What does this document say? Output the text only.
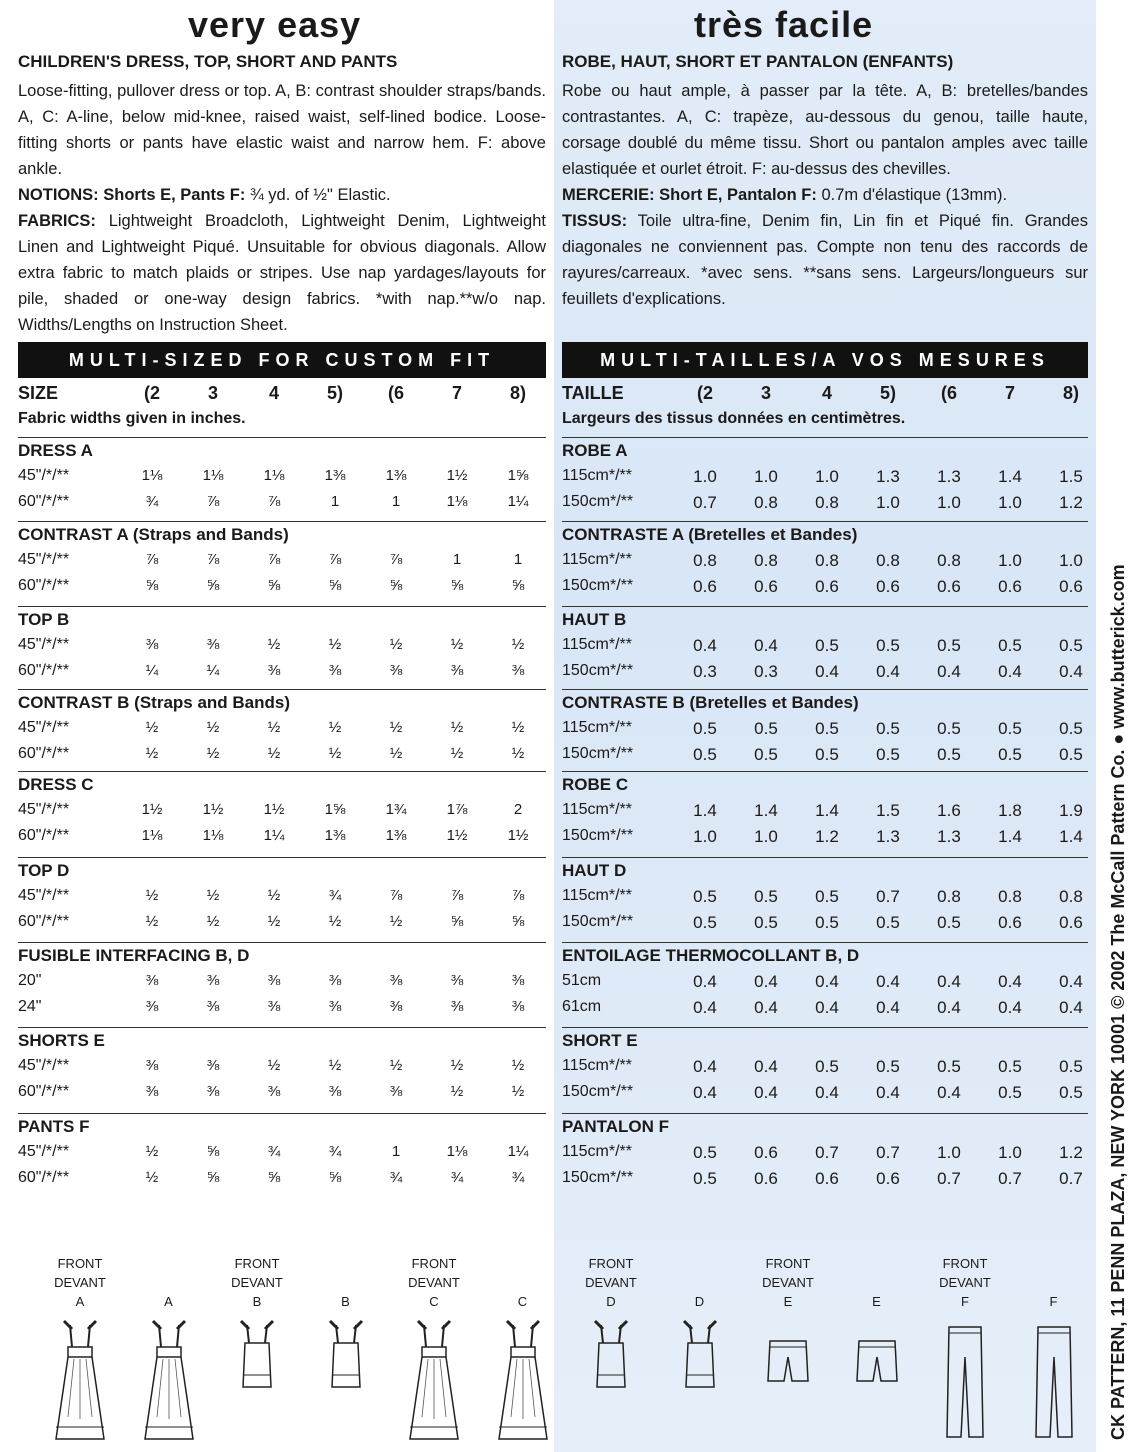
very easy
CHILDREN'S DRESS, TOP, SHORT AND PANTS
Loose-fitting, pullover dress or top. A, B: contrast shoulder straps/bands. A, C: A-line, below mid-knee, raised waist, self-lined bodice. Loose-fitting shorts or pants have elastic waist and narrow hem. F: above ankle.
NOTIONS: Shorts E, Pants F: ¾ yd. of ½" Elastic.
FABRICS: Lightweight Broadcloth, Lightweight Denim, Lightweight Linen and Lightweight Piqué. Unsuitable for obvious diagonals. Allow extra fabric to match plaids or stripes. Use nap yardages/layouts for pile, shaded or one-way design fabrics. *with nap.**w/o nap. Widths/Lengths on Instruction Sheet.
MULTI-SIZED FOR CUSTOM FIT
SIZE	(2	3	4	5)	(6	7	8)
Fabric widths given in inches.
DRESS A
45"/*/**	1⅛	1⅛	1⅛	1⅜	1⅜	1½	1⅝
60"/*/**	¾	⅞	⅞	1	1	1⅛	1¼
CONTRAST A (Straps and Bands)
45"/*/**	⅞	⅞	⅞	⅞	⅞	1	1
60"/*/**	⅝	⅝	⅝	⅝	⅝	⅝	⅝
TOP B
45"/*/**	⅜	⅜	½	½	½	½	½
60"/*/**	¼	¼	⅜	⅜	⅜	⅜	⅜
CONTRAST B (Straps and Bands)
45"/*/**	½	½	½	½	½	½	½
60"/*/**	½	½	½	½	½	½	½
DRESS C
45"/*/**	1½	1½	1½	1⅝	1¾	1⅞	2
60"/*/**	1⅛	1⅛	1¼	1⅜	1⅜	1½	1½
TOP D
45"/*/**	½	½	½	¾	⅞	⅞	⅞
60"/*/**	½	½	½	½	½	⅝	⅝
FUSIBLE INTERFACING B, D
20"	⅜	⅜	⅜	⅜	⅜	⅜	⅜
24"	⅜	⅜	⅜	⅜	⅜	⅜	⅜
SHORTS E
45"/*/**	⅜	⅜	½	½	½	½	½
60"/*/**	⅜	⅜	⅜	⅜	⅜	½	½
PANTS F
45"/*/**	½	⅝	¾	¾	1	1⅛	1¼
60"/*/**	½	⅝	⅝	⅝	¾	¾	¾
très facile
ROBE, HAUT, SHORT ET PANTALON (ENFANTS)
Robe ou haut ample, à passer par la tête. A, B: bretelles/bandes contrastantes. A, C: trapèze, au-dessous du genou, taille haute, corsage doublé du même tissu. Short ou pantalon amples avec taille elastiquée et ourlet étroit. F: au-dessus des chevilles.
MERCERIE: Short E, Pantalon F: 0.7m d'élastique (13mm).
TISSUS: Toile ultra-fine, Denim fin, Lin fin et Piqué fin. Grandes diagonales ne conviennent pas. Compte non tenu des raccords de rayures/carreaux. *avec sens. **sans sens. Largeurs/longueurs sur feuillets d'explications.
MULTI-TAILLES/A VOS MESURES
TAILLE	(2	3	4	5)	(6	7	8)
Largeurs des tissus données en centimètres.
ROBE A
115cm*/**	1.0	1.0	1.0	1.3	1.3	1.4	1.5
150cm*/**	0.7	0.8	0.8	1.0	1.0	1.0	1.2
CONTRASTE A (Bretelles et Bandes)
115cm*/**	0.8	0.8	0.8	0.8	0.8	1.0	1.0
150cm*/**	0.6	0.6	0.6	0.6	0.6	0.6	0.6
HAUT B
115cm*/**	0.4	0.4	0.5	0.5	0.5	0.5	0.5
150cm*/**	0.3	0.3	0.4	0.4	0.4	0.4	0.4
CONTRASTE B (Bretelles et Bandes)
115cm*/**	0.5	0.5	0.5	0.5	0.5	0.5	0.5
150cm*/**	0.5	0.5	0.5	0.5	0.5	0.5	0.5
ROBE C
115cm*/**	1.4	1.4	1.4	1.5	1.6	1.8	1.9
150cm*/**	1.0	1.0	1.2	1.3	1.3	1.4	1.4
HAUT D
115cm*/**	0.5	0.5	0.5	0.7	0.8	0.8	0.8
150cm*/**	0.5	0.5	0.5	0.5	0.5	0.6	0.6
ENTOILAGE THERMOCOLLANT B, D
51cm	0.4	0.4	0.4	0.4	0.4	0.4	0.4
61cm	0.4	0.4	0.4	0.4	0.4	0.4	0.4
SHORT E
115cm*/**	0.4	0.4	0.5	0.5	0.5	0.5	0.5
150cm*/**	0.4	0.4	0.4	0.4	0.4	0.5	0.5
PANTALON F
115cm*/**	0.5	0.6	0.7	0.7	1.0	1.0	1.2
150cm*/**	0.5	0.6	0.6	0.6	0.7	0.7	0.7	CK PATTERN, 11 PENN PLAZA, NEW YORK 10001 © 2002 The McCall Pattern Co. ● www.butterick.com
FRONT
DEVANT
A	A
FRONT
DEVANT
B	B
FRONT
DEVANT
C	C
FRONT
DEVANT
D	D
FRONT
DEVANT
E	E
FRONT
DEVANT
F	F
